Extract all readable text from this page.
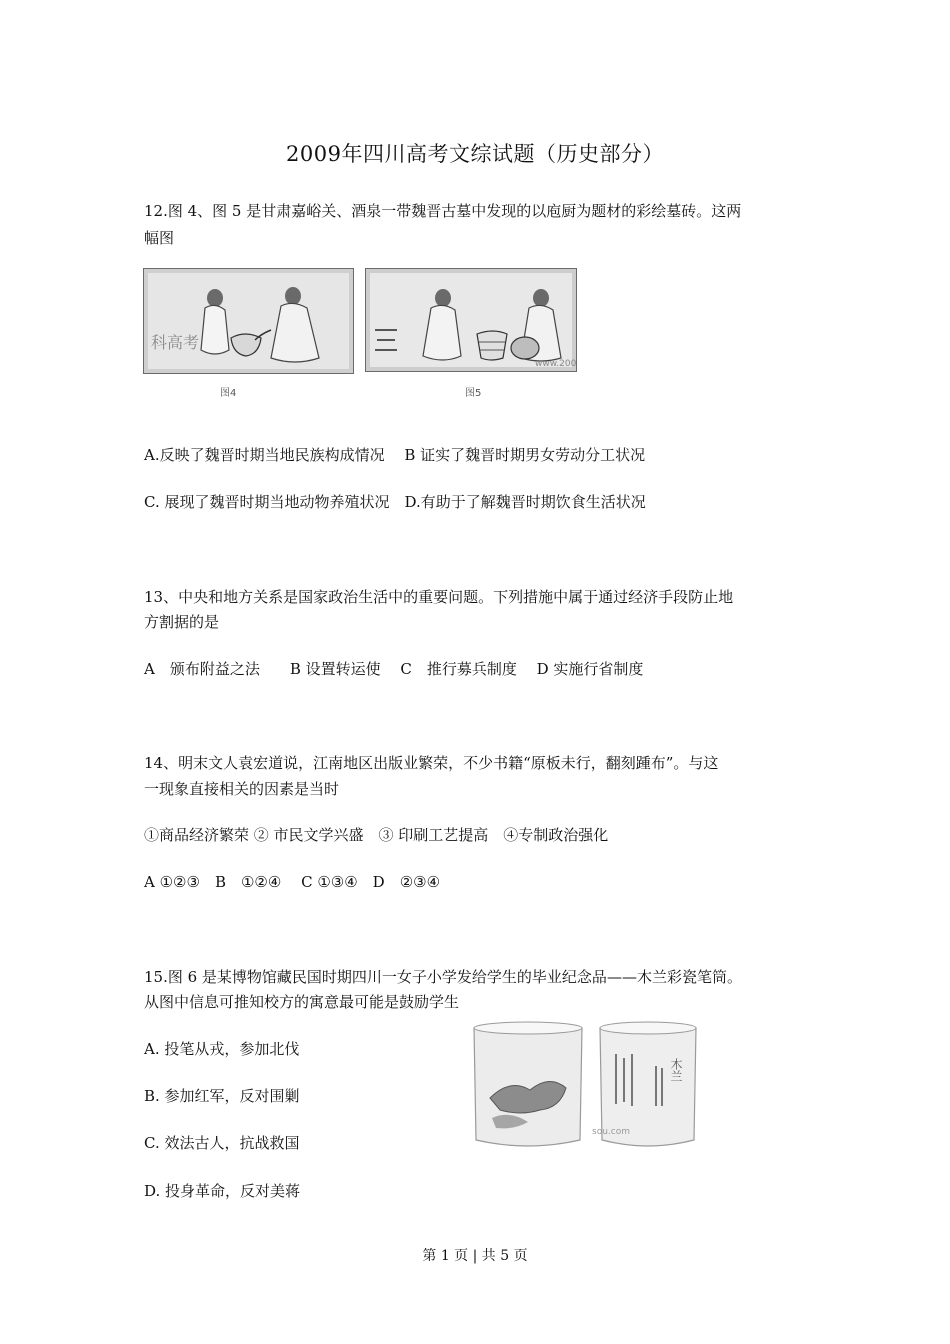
2009年四川高考文综试题（历史部分）
12.图 4、图 5 是甘肃嘉峪关、酒泉一带魏晋古墓中发现的以庖厨为题材的彩绘墓砖。这两
幅图
科高考
图4
www.200
图5
A.反映了魏晋时期当地民族构成情况　 B 证实了魏晋时期男女劳动分工状况
C. 展现了魏晋时期当地动物养殖状况　D.有助于了解魏晋时期饮食生活状况
13、中央和地方关系是国家政治生活中的重要问题。下列措施中属于通过经济手段防止地
方割据的是
A　颁布附益之法　　B 设置转运使　 C　推行募兵制度　 D 实施行省制度
14、明末文人袁宏道说，江南地区出版业繁荣，不少书籍“原板未行，翻刻踵布”。与这
一现象直接相关的因素是当时
①商品经济繁荣 ② 市民文学兴盛　③ 印刷工艺提高　④专制政治强化
A ①②③　B　①②④　 C ①③④　D　②③④
15.图 6 是某博物馆藏民国时期四川一女子小学发给学生的毕业纪念品——木兰彩瓷笔筒。
从图中信息可推知校方的寓意最可能是鼓励学生
A. 投笔从戎，参加北伐
B. 参加红军，反对围剿
C. 效法古人，抗战救国
D. 投身革命，反对美蒋
木兰
sou.com
第 1 页 | 共 5 页
